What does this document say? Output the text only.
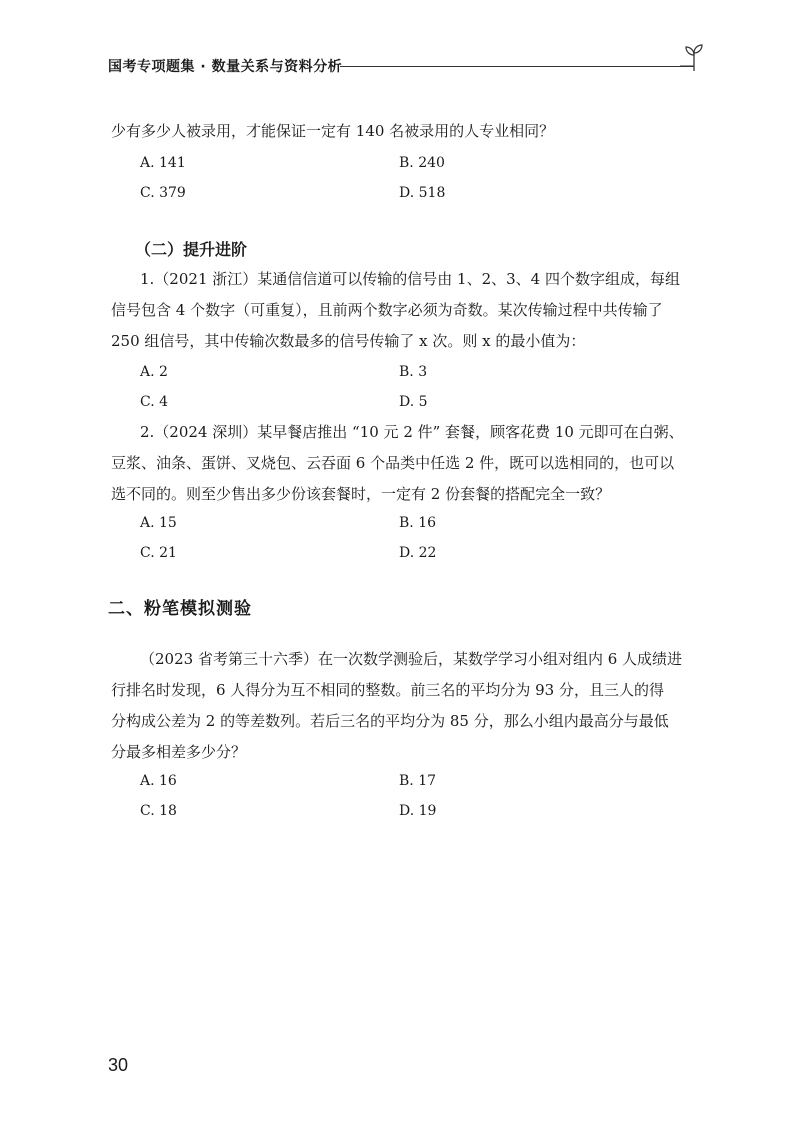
国考专项题集 · 数量关系与资料分析
少有多少人被录用，才能保证一定有 140 名被录用的人专业相同？
A. 141	B. 240
C. 379	D. 518
（二）提升进阶
1.（2021 浙江）某通信信道可以传输的信号由 1、2、3、4 四个数字组成，每组
信号包含 4 个数字（可重复），且前两个数字必须为奇数。某次传输过程中共传输了
250 组信号，其中传输次数最多的信号传输了 x 次。则 x 的最小值为：
A. 2	B. 3
C. 4	D. 5
2.（2024 深圳）某早餐店推出 “10 元 2 件” 套餐，顾客花费 10 元即可在白粥、
豆浆、油条、蛋饼、叉烧包、云吞面 6 个品类中任选 2 件，既可以选相同的，也可以
选不同的。则至少售出多少份该套餐时，一定有 2 份套餐的搭配完全一致？
A. 15	B. 16
C. 21	D. 22
二、粉笔模拟测验
（2023 省考第三十六季）在一次数学测验后，某数学学习小组对组内 6 人成绩进
行排名时发现，6 人得分为互不相同的整数。前三名的平均分为 93 分，且三人的得
分构成公差为 2 的等差数列。若后三名的平均分为 85 分，那么小组内最高分与最低
分最多相差多少分？
A. 16	B. 17
C. 18	D. 19
30
